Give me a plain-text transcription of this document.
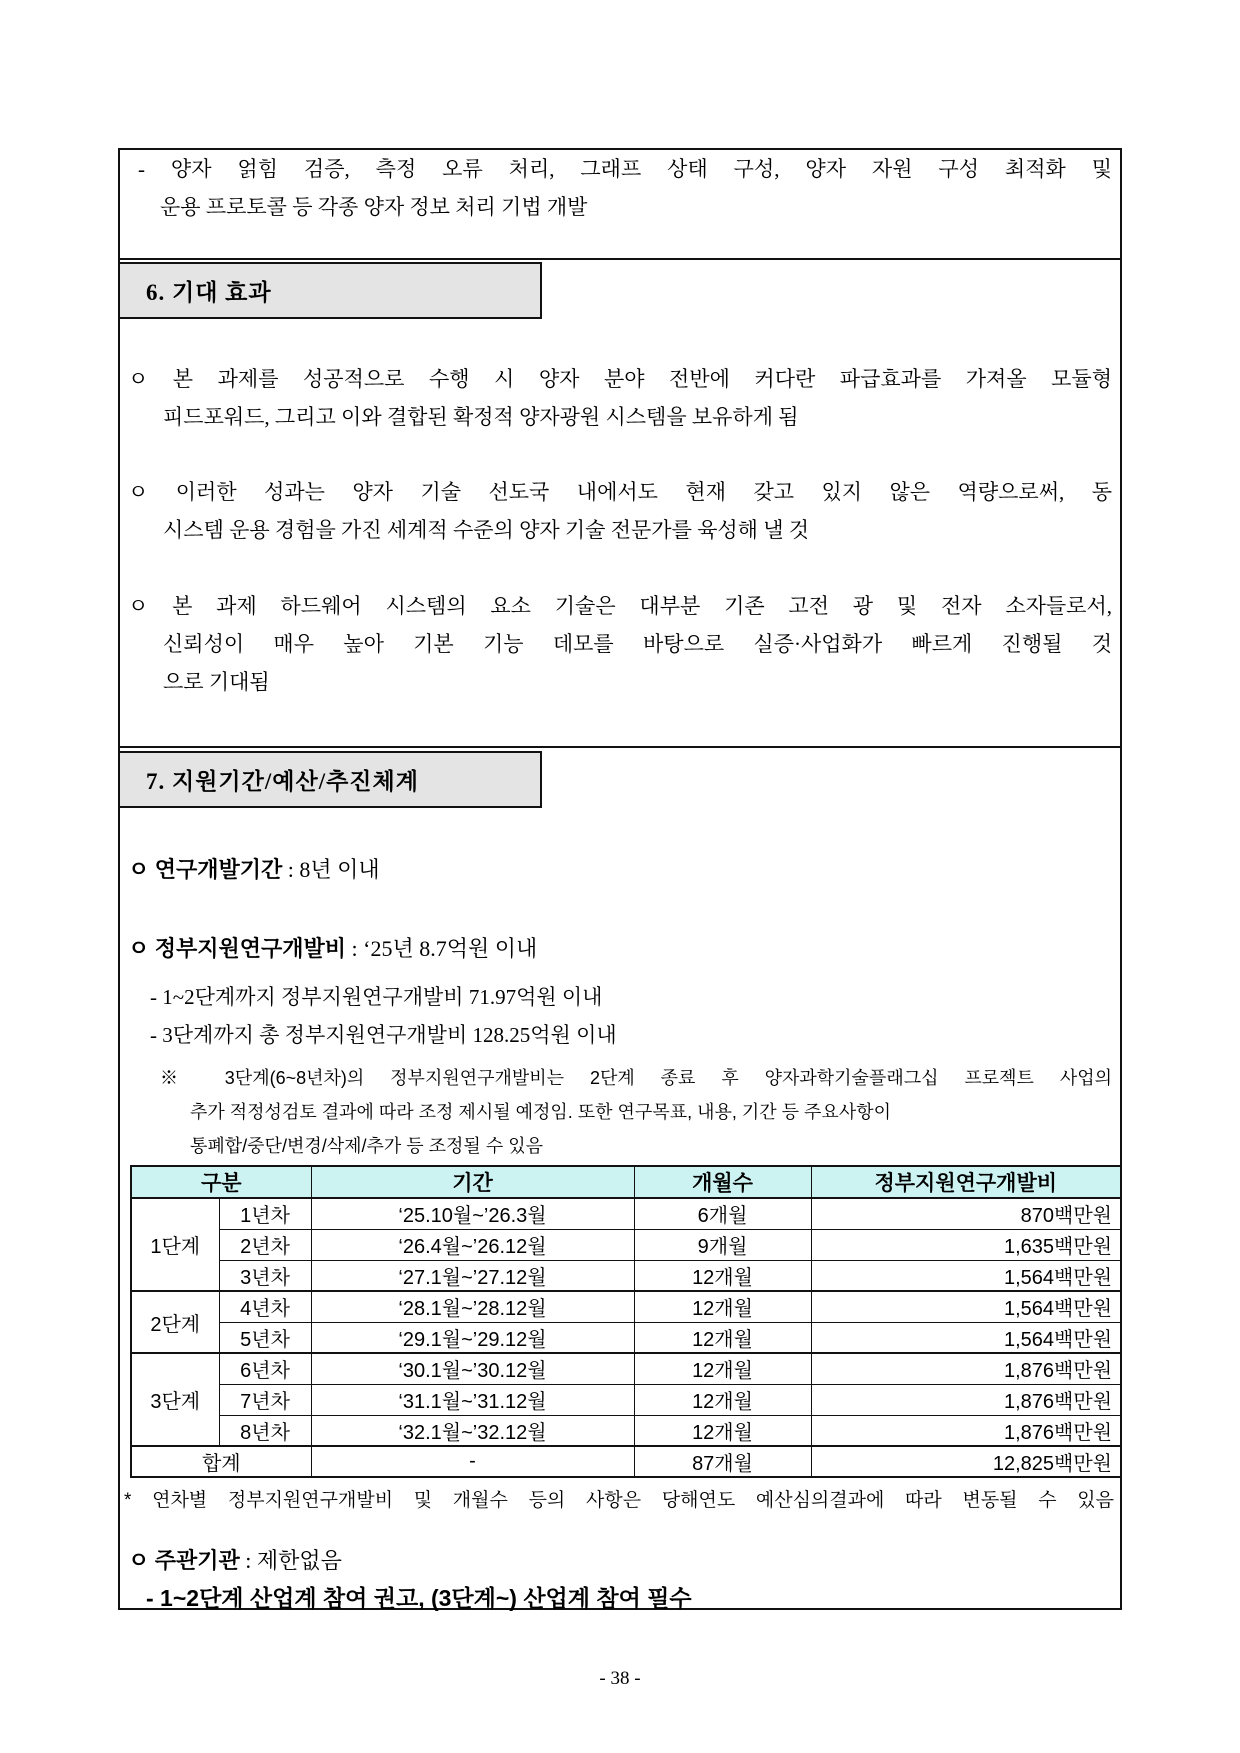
- 양자 얽힘 검증, 측정 오류 처리, 그래프 상태 구성, 양자 자원 구성 최적화 및
운용 프로토콜 등 각종 양자 정보 처리 기법 개발
6. 기대 효과
ㅇ 본 과제를 성공적으로 수행 시 양자 분야 전반에 커다란 파급효과를 가져올 모듈형
피드포워드, 그리고 이와 결합된 확정적 양자광원 시스템을 보유하게 됨
ㅇ 이러한 성과는 양자 기술 선도국 내에서도 현재 갖고 있지 않은 역량으로써, 동
시스템 운용 경험을 가진 세계적 수준의 양자 기술 전문가를 육성해 낼 것
ㅇ 본 과제 하드웨어 시스템의 요소 기술은 대부분 기존 고전 광 및 전자 소자들로서,
신뢰성이 매우 높아 기본 기능 데모를 바탕으로 실증·사업화가 빠르게 진행될 것
으로 기대됨
7. 지원기간/예산/추진체계
ㅇ 연구개발기간 : 8년 이내
ㅇ 정부지원연구개발비 : ‘25년 8.7억원 이내
- 1~2단계까지 정부지원연구개발비 71.97억원 이내
- 3단계까지 총 정부지원연구개발비 128.25억원 이내
※ 3단계(6~8년차)의 정부지원연구개발비는 2단계 종료 후 양자과학기술플래그십 프로젝트 사업의
추가 적정성검토 결과에 따라 조정 제시될 예정임. 또한 연구목표, 내용, 기간 등 주요사항이
통폐합/중단/변경/삭제/추가 등 조정될 수 있음
구분		기간	개월수	정부지원연구개발비
1단계	1년차	‘25.10월~’26.3월	6개월	870백만원
	2년차	‘26.4월~’26.12월	9개월	1,635백만원
	3년차	‘27.1월~’27.12월	12개월	1,564백만원
2단계	4년차	‘28.1월~’28.12월	12개월	1,564백만원
	5년차	‘29.1월~’29.12월	12개월	1,564백만원
3단계	6년차	‘30.1월~’30.12월	12개월	1,876백만원
	7년차	‘31.1월~’31.12월	12개월	1,876백만원
	8년차	‘32.1월~’32.12월	12개월	1,876백만원
합계		-	87개월	12,825백만원
* 연차별 정부지원연구개발비 및 개월수 등의 사항은 당해연도 예산심의결과에 따라 변동될 수 있음
ㅇ 주관기관 : 제한없음
- 1~2단계 산업계 참여 권고, (3단계~) 산업계 참여 필수
- 38 -
